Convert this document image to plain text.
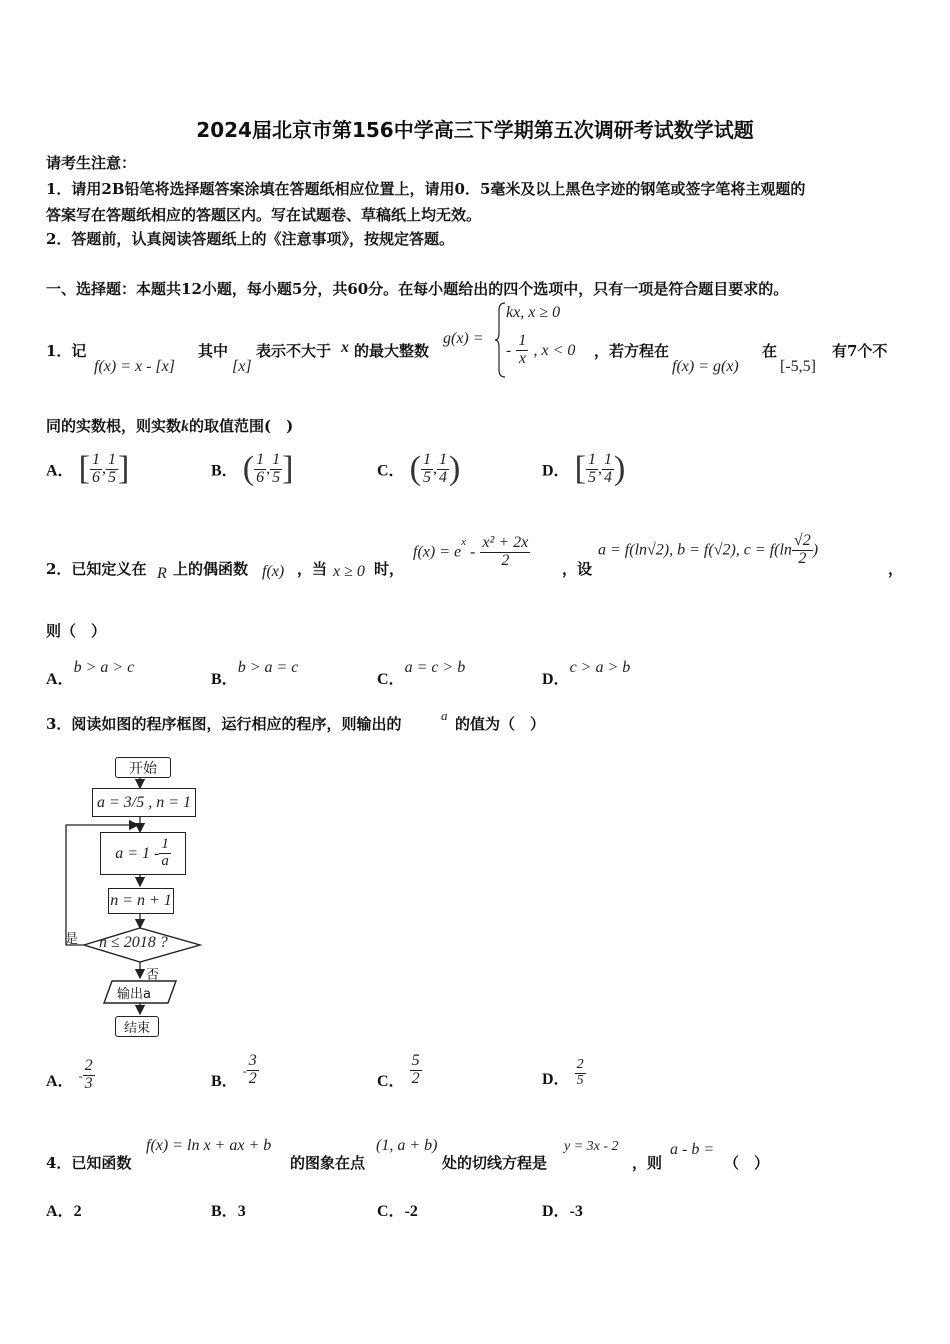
2024届北京市第156中学高三下学期第五次调研考试数学试题
请考生注意：
1．请用2B铅笔将选择题答案涂填在答题纸相应位置上，请用0．5毫米及以上黑色字迹的钢笔或签字笔将主观题的
答案写在答题纸相应的答题区内。写在试题卷、草稿纸上均无效。
2．答题前，认真阅读答题纸上的《注意事项》，按规定答题。
一、选择题：本题共12小题，每小题5分，共60分。在每小题给出的四个选项中，只有一项是符合题目要求的。
1．记
f(x) = x - [x]
其中
[x]
表示不大于 x 的最大整数
g(x) =
kx, x ≥ 0
- $\frac{1}{x}$ , x < 0 ，若方程在
f(x) = g(x)
在
[-5,5]
有7个不
同的实数根，则实数k的取值范围(　)
A． [ $\frac{1}{6}$ , $\frac{1}{5}$ ]	B． ( $\frac{1}{6}$ , $\frac{1}{5}$ ]	C． ( $\frac{1}{5}$ , $\frac{1}{4}$ )	D． [ $\frac{1}{5}$ , $\frac{1}{4}$ )
2．已知定义在 R 上的偶函数 f(x) ，当 x ≥ 0 时，
$f(x) = e^x - \frac{\text{x² + 2x}}{2}$ ，设
a = f(ln√2), b = f(√2), $c = f(\ln \frac{√2}{2}$ )
，
则（　）
A．b > a > c
B．b > a = c
C．a = c > b
D．c > a > b
3．阅读如图的程序框图，运行相应的程序，则输出的	a 的值为（　）
开始
a = 3/5 , n = 1
$a = 1 - \frac{1}{a}$
n = n + 1
n ≤ 2018 ?
是
否
输出a
结束
A． - $\frac{2}{3}$	B． - $\frac{3}{2}$	C． $\frac{5}{2}$	D． $\frac{2}{5}$
4．已知函数
f(x) = ln x + ax + b
的图象在点
(1, a + b)
处的切线方程是
y = 3x - 2
，则
a - b =
（　）
A．2	B．3	C．-2	D．-3
